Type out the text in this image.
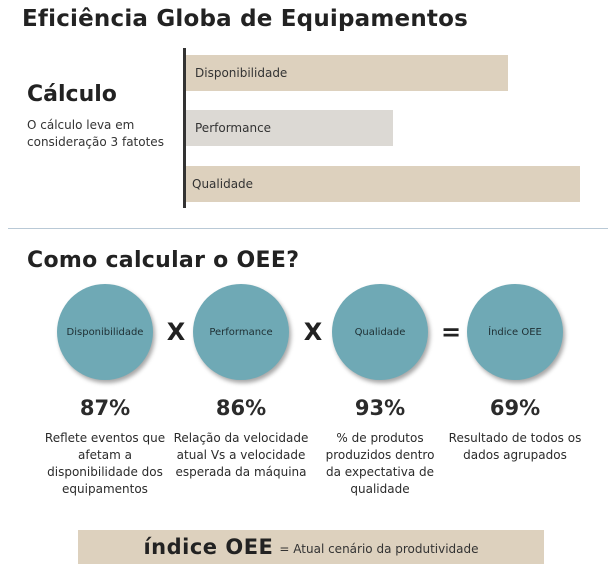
Eficiência Globa de Equipamentos
Cálculo
O cálculo leva em consideração 3 fatotes
Disponibilidade
Performance
Qualidade
Como calcular o OEE?
Disponibilidade X Performance X	Qualidade =	Índice OEE
87%	86%	93%	69%
Reflete eventos que afetam a disponibilidade dos equipamentos
Relação da velocidade atual Vs a velocidade esperada da máquina
% de produtos produzidos dentro da expectativa de qualidade
Resultado de todos os dados agrupados
índice OEE = Atual cenário da produtividade
